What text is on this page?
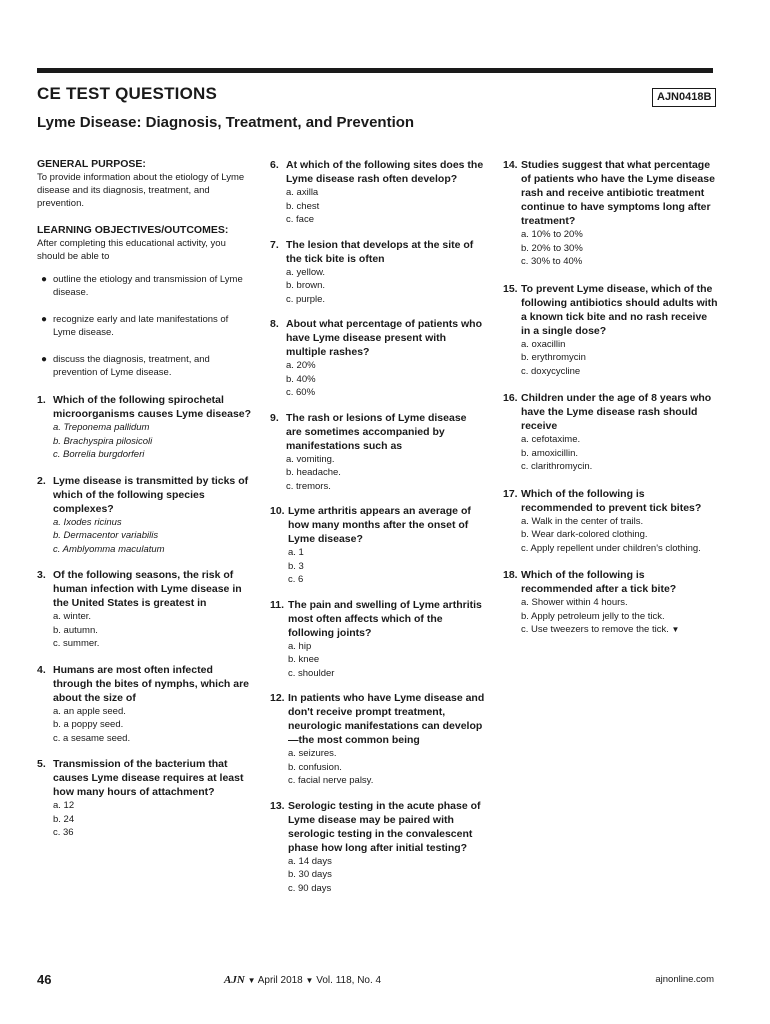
CE TEST QUESTIONS	AJN0418B
Lyme Disease: Diagnosis, Treatment, and Prevention

GENERAL PURPOSE:

To provide information about the etiology of Lyme disease and its diagnosis, treatment, and prevention.

LEARNING OBJECTIVES/OUTCOMES:

After completing this educational activity, you should be able to

● outline the etiology and transmission of Lyme disease.
● recognize early and late manifestations of Lyme disease.
● discuss the diagnosis, treatment, and prevention of Lyme disease.

1. Which of the following spirochetal microorganisms causes Lyme disease?

a. Treponema pallidum
b. Brachyspira pilosicoli
c. Borrelia burgdorferi

2. Lyme disease is transmitted by ticks of which of the following species complexes?

a. Ixodes ricinus
b. Dermacentor variabilis
c. Amblyomma maculatum

3. Of the following seasons, the risk of human infection with Lyme disease in the United States is greatest in

a. winter.
b. autumn.
c. summer.

4. Humans are most often infected through the bites of nymphs, which are about the size of

a. an apple seed.
b. a poppy seed.
c. a sesame seed.

5. Transmission of the bacterium that causes Lyme disease requires at least how many hours of attachment?

a. 12
b. 24
c. 36

6. At which of the following sites does the Lyme disease rash often develop?

a. axilla
b. chest
c. face

7. The lesion that develops at the site of the tick bite is often

a. yellow.
b. brown.
c. purple.

8. About what percentage of patients who have Lyme disease present with multiple rashes?

a. 20%
b. 40%
c. 60%

9. The rash or lesions of Lyme disease are sometimes accompanied by manifestations such as

a. vomiting.
b. headache.
c. tremors.

10. Lyme arthritis appears an average of how many months after the onset of Lyme disease?

a. 1
b. 3
c. 6

11. The pain and swelling of Lyme arthritis most often affects which of the following joints?

a. hip
b. knee
c. shoulder

12. In patients who have Lyme disease and don't receive prompt treatment, neurologic manifestations can develop—the most common being

a. seizures.
b. confusion.
c. facial nerve palsy.

13. Serologic testing in the acute phase of Lyme disease may be paired with serologic testing in the convalescent phase how long after initial testing?

a. 14 days
b. 30 days
c. 90 days

14. Studies suggest that what percentage of patients who have the Lyme disease rash and receive antibiotic treatment continue to have symptoms long after treatment?

a. 10% to 20%
b. 20% to 30%
c. 30% to 40%

15. To prevent Lyme disease, which of the following antibiotics should adults with a known tick bite and no rash receive in a single dose?

a. oxacillin
b. erythromycin
c. doxycycline

16. Children under the age of 8 years who have the Lyme disease rash should receive

a. cefotaxime.
b. amoxicillin.
c. clarithromycin.

17. Which of the following is recommended to prevent tick bites?

a. Walk in the center of trails.
b. Wear dark-colored clothing.
c. Apply repellent under children's clothing.

18. Which of the following is recommended after a tick bite?

a. Shower within 4 hours.
b. Apply petroleum jelly to the tick.
c. Use tweezers to remove the tick. ▼
46	AJN ▼ April 2018 ▼ Vol. 118, No. 4	ajnonline.com
